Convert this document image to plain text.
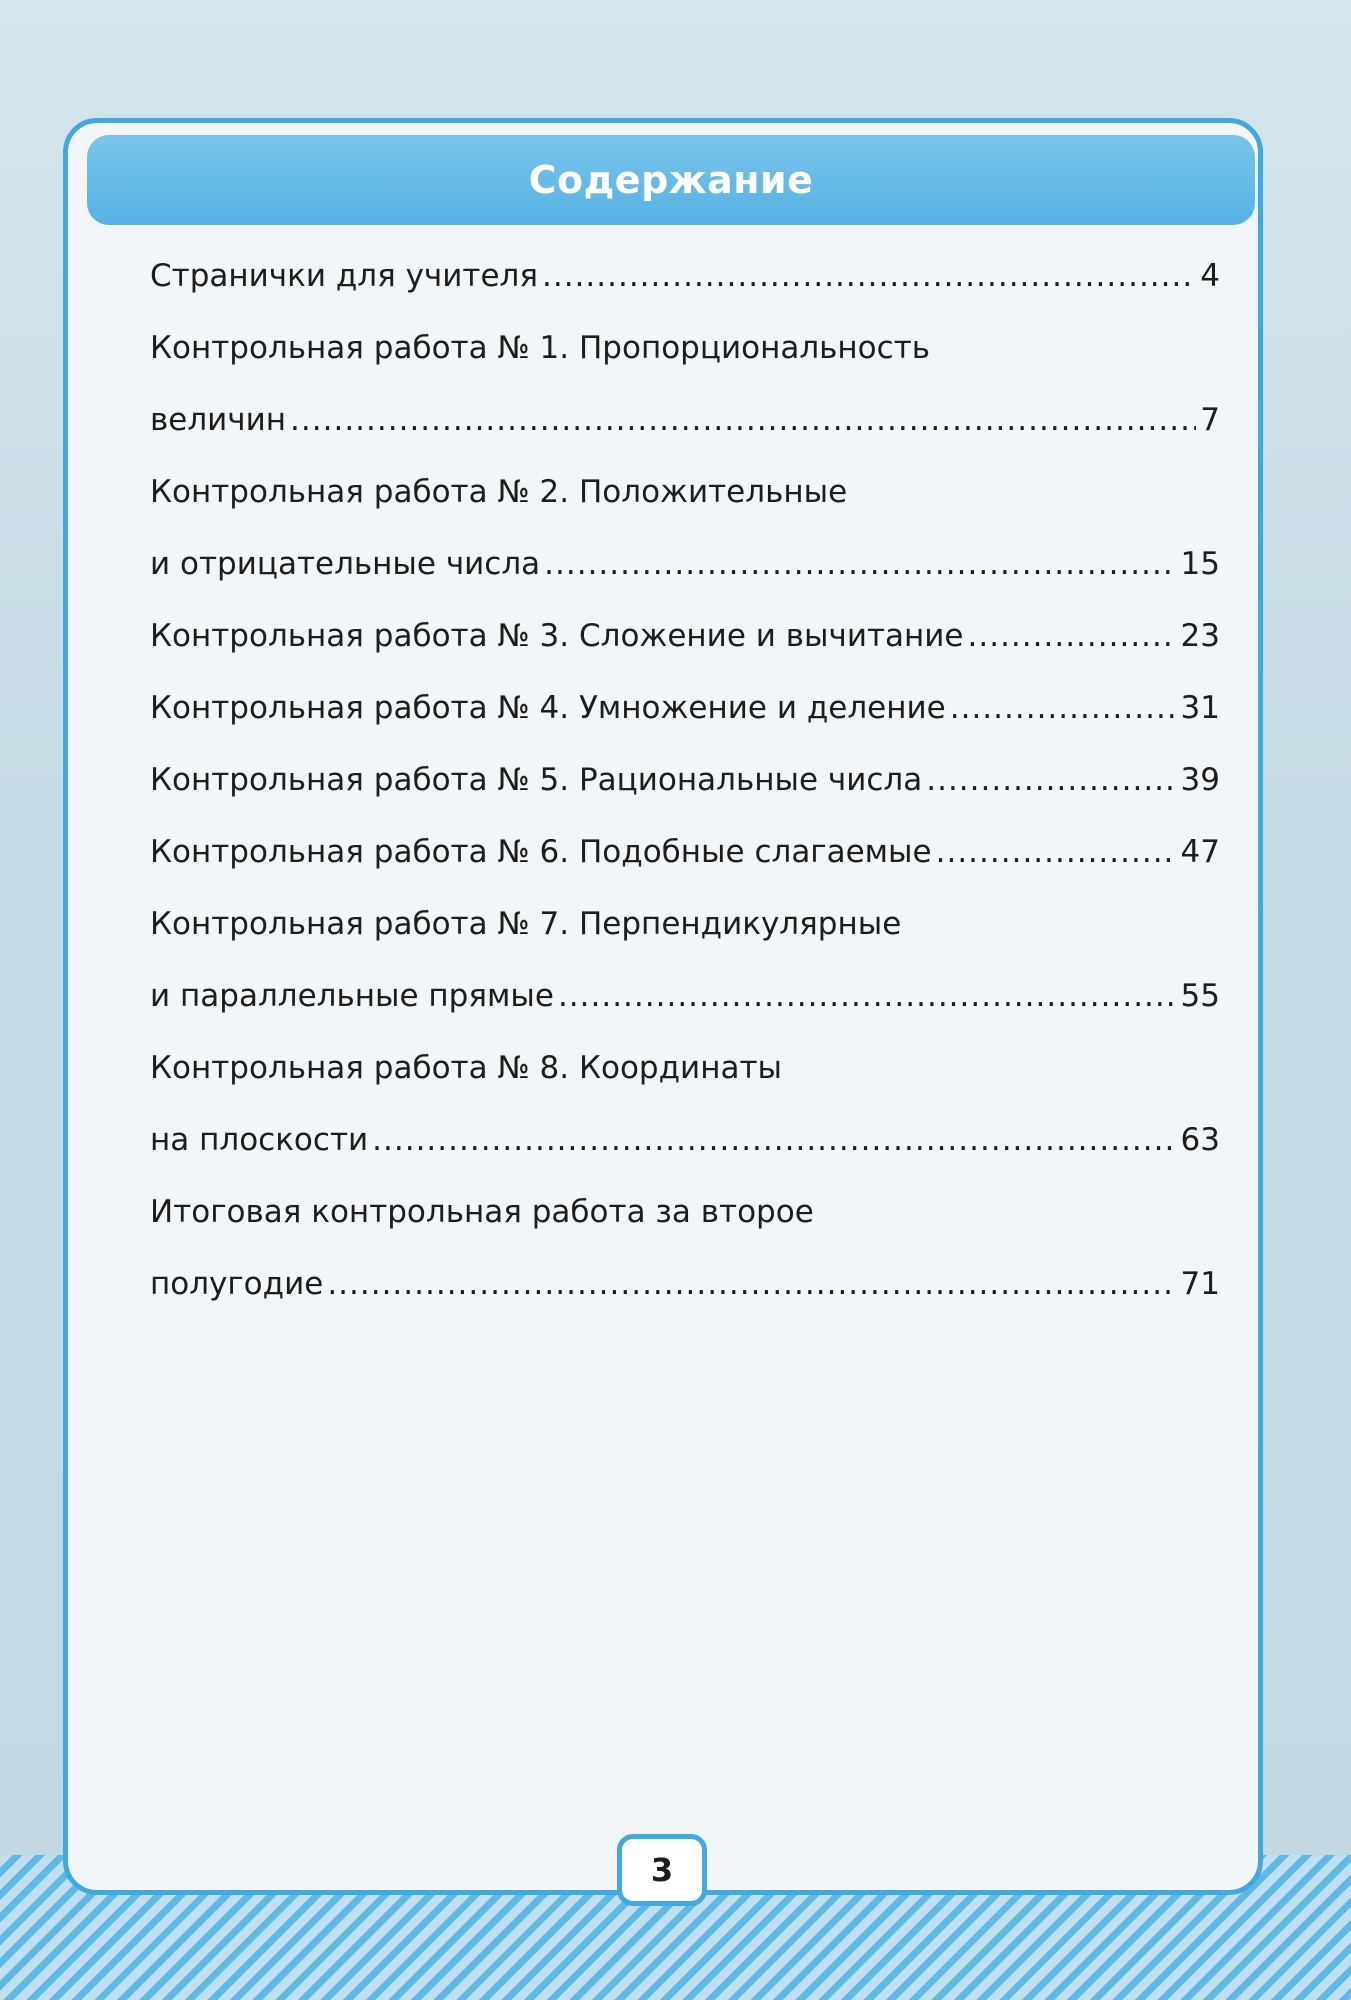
Содержание
Странички для учителя .....	4
Контрольная работа № 1. Пропорциональность
величин .....	7
Контрольная работа № 2. Положительные
и отрицательные числа .....	15
Контрольная работа № 3. Сложение и вычитание .....	23
Контрольная работа № 4. Умножение и деление .....	31
Контрольная работа № 5. Рациональные числа .....	39
Контрольная работа № 6. Подобные слагаемые .....	47
Контрольная работа № 7. Перпендикулярные
и параллельные прямые .....	55
Контрольная работа № 8. Координаты
на плоскости .....	63
Итоговая контрольная работа за второе
полугодие .....	71
3
